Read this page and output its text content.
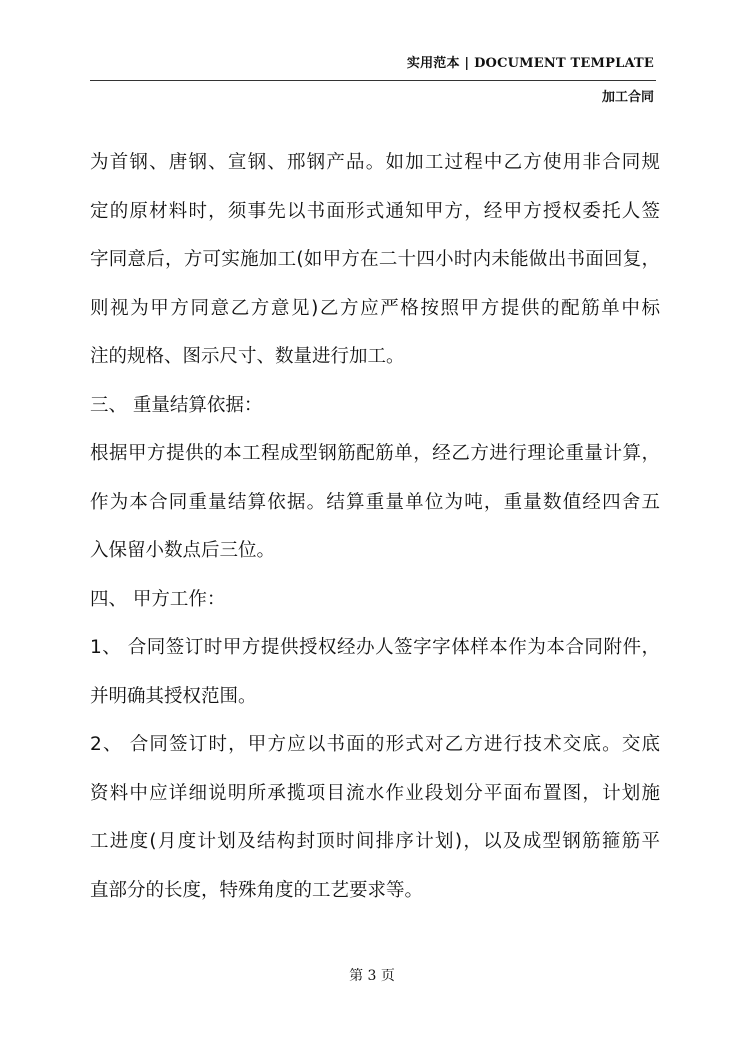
实用范本 | DOCUMENT TEMPLATE
加工合同
为首钢、唐钢、宣钢、邢钢产品。如加工过程中乙方使用非合同规
定的原材料时，须事先以书面形式通知甲方，经甲方授权委托人签
字同意后，方可实施加工(如甲方在二十四小时内未能做出书面回复，
则视为甲方同意乙方意见)乙方应严格按照甲方提供的配筋单中标
注的规格、图示尺寸、数量进行加工。
三、 重量结算依据：
根据甲方提供的本工程成型钢筋配筋单，经乙方进行理论重量计算，
作为本合同重量结算依据。结算重量单位为吨，重量数值经四舍五
入保留小数点后三位。
四、 甲方工作：
1、 合同签订时甲方提供授权经办人签字字体样本作为本合同附件，
并明确其授权范围。
2、 合同签订时，甲方应以书面的形式对乙方进行技术交底。交底
资料中应详细说明所承揽项目流水作业段划分平面布置图，计划施
工进度(月度计划及结构封顶时间排序计划)，以及成型钢筋箍筋平
直部分的长度，特殊角度的工艺要求等。
第 3 页
